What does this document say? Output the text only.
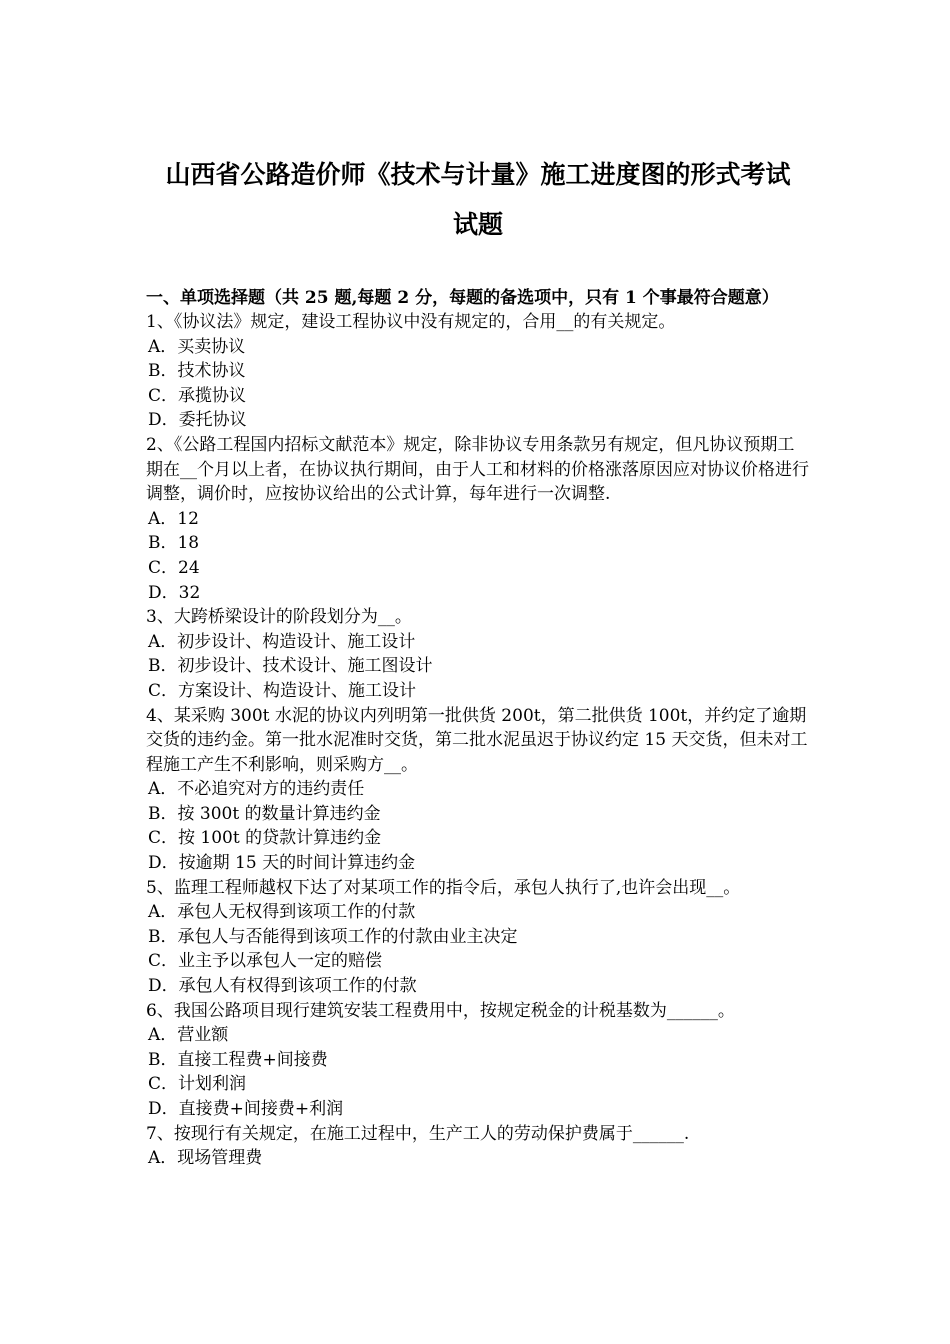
山西省公路造价师《技术与计量》施工进度图的形式考试
试题
一、单项选择题（共 25 题,每题 2 分，每题的备选项中，只有 1 个事最符合题意）
1、《协议法》规定，建设工程协议中没有规定的，合用__的有关规定。
A．买卖协议
B．技术协议
C．承揽协议
D．委托协议
2、《公路工程国内招标文献范本》规定，除非协议专用条款另有规定，但凡协议预期工期在__个月以上者，在协议执行期间，由于人工和材料的价格涨落原因应对协议价格进行调整，调价时，应按协议给出的公式计算，每年进行一次调整.
A．12
B．18
C．24
D．32
3、大跨桥梁设计的阶段划分为__。
A．初步设计、构造设计、施工设计
B．初步设计、技术设计、施工图设计
C．方案设计、构造设计、施工设计
4、某采购 300t 水泥的协议内列明第一批供货 200t，第二批供货 100t，并约定了逾期交货的违约金。第一批水泥准时交货，第二批水泥虽迟于协议约定 15 天交货，但未对工程施工产生不利影响，则采购方__。
A．不必追究对方的违约责任
B．按 300t 的数量计算违约金
C．按 100t 的贷款计算违约金
D．按逾期 15 天的时间计算违约金
5、监理工程师越权下达了对某项工作的指令后，承包人执行了,也许会出现__。
A．承包人无权得到该项工作的付款
B．承包人与否能得到该项工作的付款由业主决定
C．业主予以承包人一定的赔偿
D．承包人有权得到该项工作的付款
6、我国公路项目现行建筑安装工程费用中，按规定税金的计税基数为______。
A．营业额
B．直接工程费+间接费
C．计划利润
D．直接费+间接费+利润
7、按现行有关规定，在施工过程中，生产工人的劳动保护费属于______.
A．现场管理费
